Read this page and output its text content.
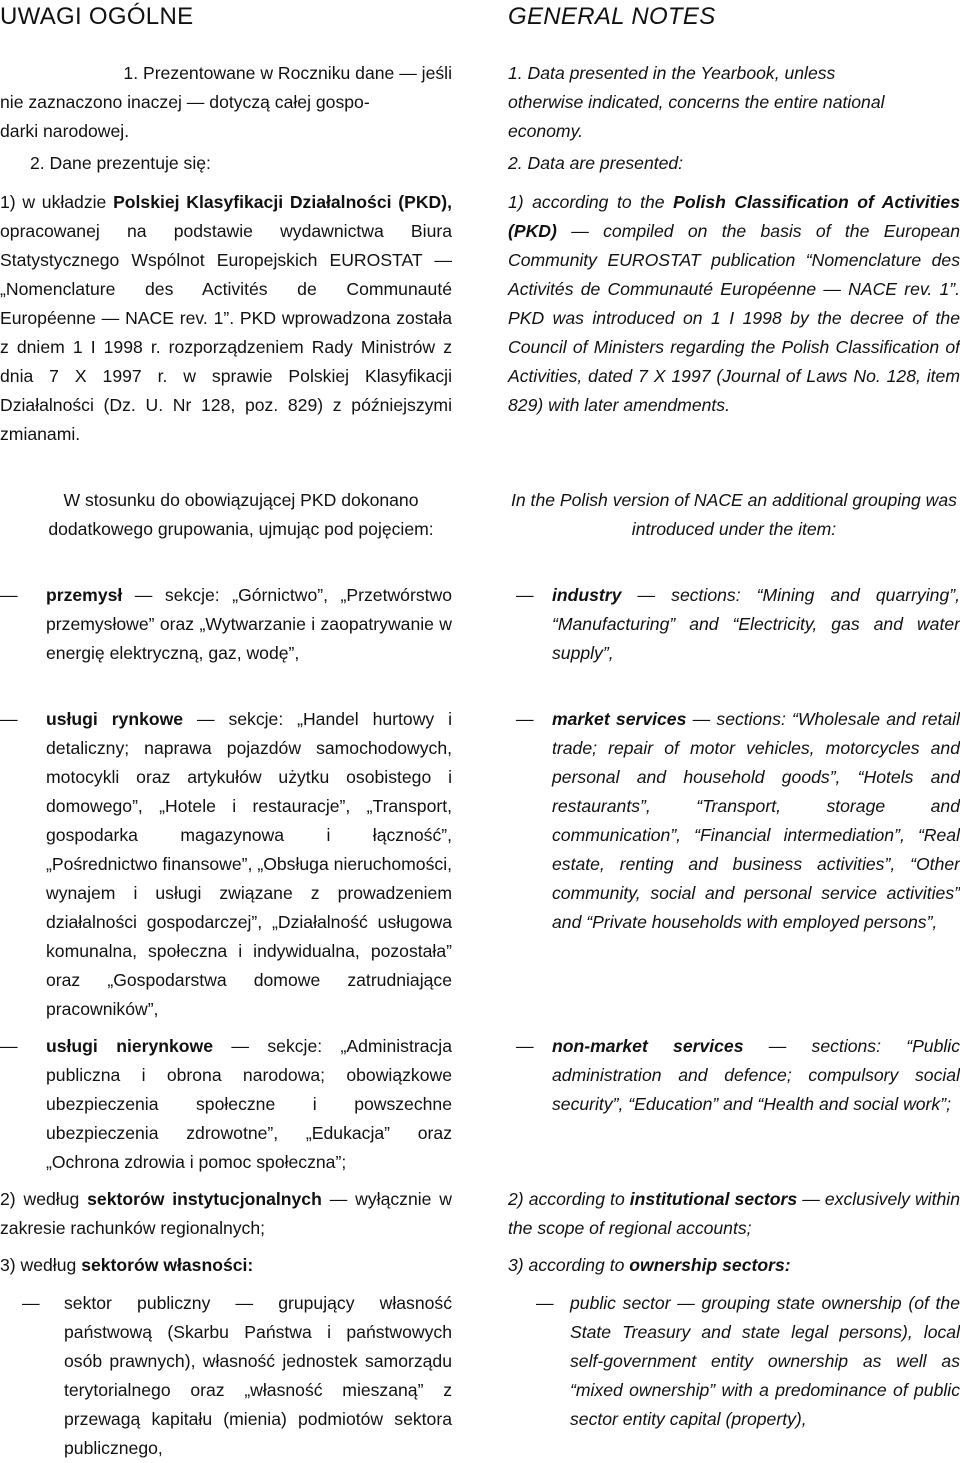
UWAGI OGÓLNE

1. Prezentowane w Roczniku dane — jeśli

nie zaznaczono inaczej — dotyczą całej gospo-

darki narodowej.

2. Dane prezentuje się:

1) w układzie Polskiej Klasyfikacji Działalności (PKD), opracowanej na podstawie wydawnictwa Biura Statystycznego Wspólnot Europejskich EUROSTAT — „Nomenclature des Activités de Communauté Européenne — NACE rev. 1”. PKD wprowadzona została z dniem 1 I 1998 r. rozporządzeniem Rady Ministrów z dnia 7 X 1997 r. w sprawie Polskiej Klasyfikacji Działalności (Dz. U. Nr 128, poz. 829) z późniejszymi zmianami.

W stosunku do obowiązującej PKD dokonano dodatkowego grupowania, ujmując pod pojęciem:

— przemysł — sekcje: „Górnictwo”, „Przetwórstwo przemysłowe” oraz „Wytwarzanie i zaopatrywanie w energię elektryczną, gaz, wodę”,

— usługi rynkowe — sekcje: „Handel hurtowy i detaliczny; naprawa pojazdów samochodowych, motocykli oraz artykułów użytku osobistego i domowego”, „Hotele i restauracje”, „Transport, gospodarka magazynowa i łączność”, „Pośrednictwo finansowe”, „Obsługa nieruchomości, wynajem i usługi związane z prowadzeniem działalności gospodarczej”, „Działalność usługowa komunalna, społeczna i indywidualna, pozostała” oraz „Gospodarstwa domowe zatrudniające pracowników”,

— usługi nierynkowe — sekcje: „Administracja publiczna i obrona narodowa; obowiązkowe ubezpieczenia społeczne i powszechne ubezpieczenia zdrowotne”, „Edukacja” oraz „Ochrona zdrowia i pomoc społeczna”;

2) według sektorów instytucjonalnych — wyłącznie w zakresie rachunków regionalnych;

3) według sektorów własności:

— sektor publiczny — grupujący własność państwową (Skarbu Państwa i państwowych osób prawnych), własność jednostek samorządu terytorialnego oraz „własność mieszaną” z przewagą kapitału (mienia) podmiotów sektora publicznego,

GENERAL NOTES

1. Data presented in the Yearbook, unless

otherwise indicated, concerns the entire national

economy.

2. Data are presented:

1) according to the Polish Classification of Activities (PKD) — compiled on the basis of the European Community EUROSTAT publication “Nomenclature des Activités de Communauté Européenne — NACE rev. 1”. PKD was introduced on 1 I 1998 by the decree of the Council of Ministers regarding the Polish Classification of Activities, dated 7 X 1997 (Journal of Laws No. 128, item 829) with later amendments.

In the Polish version of NACE an additional grouping was introduced under the item:

— industry — sections: “Mining and quarrying”, “Manufacturing” and “Electricity, gas and water supply”,

— market services — sections: “Wholesale and retail trade; repair of motor vehicles, motorcycles and personal and household goods”, “Hotels and restaurants”, “Transport, storage and communication”, “Financial intermediation”, “Real estate, renting and business activities”, “Other community, social and personal service activities” and “Private households with employed persons”,

— non-market services — sections: “Public administration and defence; compulsory social security”, “Education” and “Health and social work”;

2) according to institutional sectors — exclusively within the scope of regional accounts;

3) according to ownership sectors:

— public sector — grouping state ownership (of the State Treasury and state legal persons), local self-government entity ownership as well as “mixed ownership” with a predominance of public sector entity capital (property),
